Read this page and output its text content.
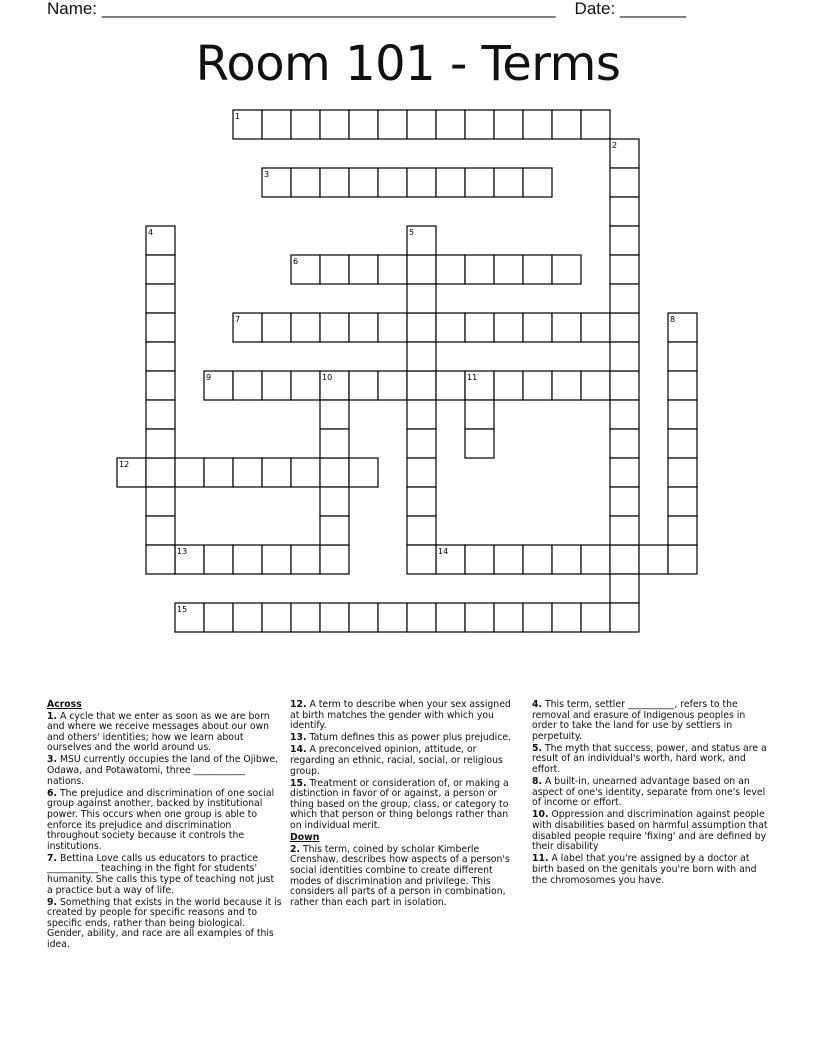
Name: ________________________________________________ Date: _______
Room 101 - Terms
1
3
6
7
9
12
13	14
15
2
4	5
8
10	11

Across

1. A cycle that we enter as soon as we are born and where we receive messages about our own and others' identities; how we learn about ourselves and the world around us.

3. MSU currently occupies the land of the Ojibwe, Odawa, and Potawatomi, three ___________ nations.

6. The prejudice and discrimination of one social group against another, backed by institutional power. This occurs when one group is able to enforce its prejudice and discrimination throughout society because it controls the institutions.

7. Bettina Love calls us educators to practice ___________ teaching in the fight for students' humanity. She calls this type of teaching not just a practice but a way of life.

9. Something that exists in the world because it is created by people for specific reasons and to specific ends, rather than being biological. Gender, ability, and race are all examples of this idea.

12. A term to describe when your sex assigned at birth matches the gender with which you identify.

13. Tatum defines this as power plus prejudice.

14. A preconceived opinion, attitude, or regarding an ethnic, racial, social, or religious group.

15. Treatment or consideration of, or making a distinction in favor of or against, a person or thing based on the group, class, or category to which that person or thing belongs rather than on individual merit.

Down

2. This term, coined by scholar Kimberle Crenshaw, describes how aspects of a person's social identities combine to create different modes of discrimination and privilege. This considers all parts of a person in combination, rather than each part in isolation.

4. This term, settler __________, refers to the removal and erasure of Indigenous peoples in order to take the land for use by settlers in perpetuity.

5. The myth that success, power, and status are a result of an individual's worth, hard work, and effort.

8. A built-in, unearned advantage based on an aspect of one's identity, separate from one's level of income or effort.

10. Oppression and discrimination against people with disabilities based on harmful assumption that disabled people require 'fixing' and are defined by their disability

11. A label that you're assigned by a doctor at birth based on the genitals you're born with and the chromosomes you have.
